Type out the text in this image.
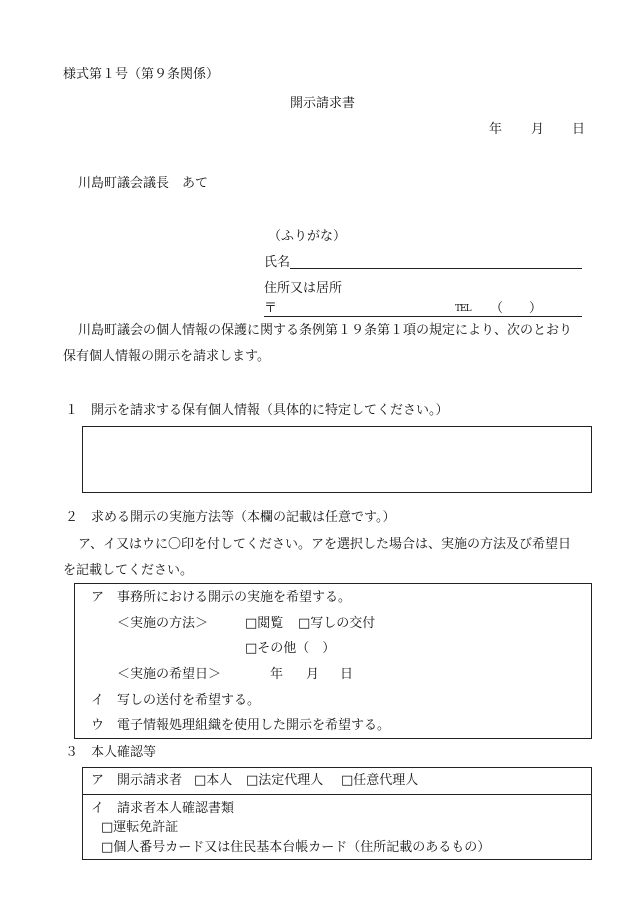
様式第１号（第９条関係）
開示請求書
年 月 日
川島町議会議長　あて
（ふりがな）
氏名
住所又は居所
〒	TEL （　　）
川島町議会の個人情報の保護に関する条例第１９条第１項の規定により、次のとおり
保有個人情報の開示を請求します。
１　開示を請求する保有個人情報（具体的に特定してください。）
２　求める開示の実施方法等（本欄の記載は任意です。）
ア、イ又はウに〇印を付してください。アを選択した場合は、実施の方法及び希望日
を記載してください。
ア　事務所における開示の実施を希望する。
＜実施の方法＞	□閲覧 □写しの交付
□その他（　）
＜実施の希望日＞	年 月 日
イ　写しの送付を希望する。
ウ　電子情報処理組織を使用した開示を希望する。
３　本人確認等
ア　開示請求者 □本人 □法定代理人 □任意代理人
イ　請求者本人確認書類
□運転免許証
□個人番号カード又は住民基本台帳カード（住所記載のあるもの）
